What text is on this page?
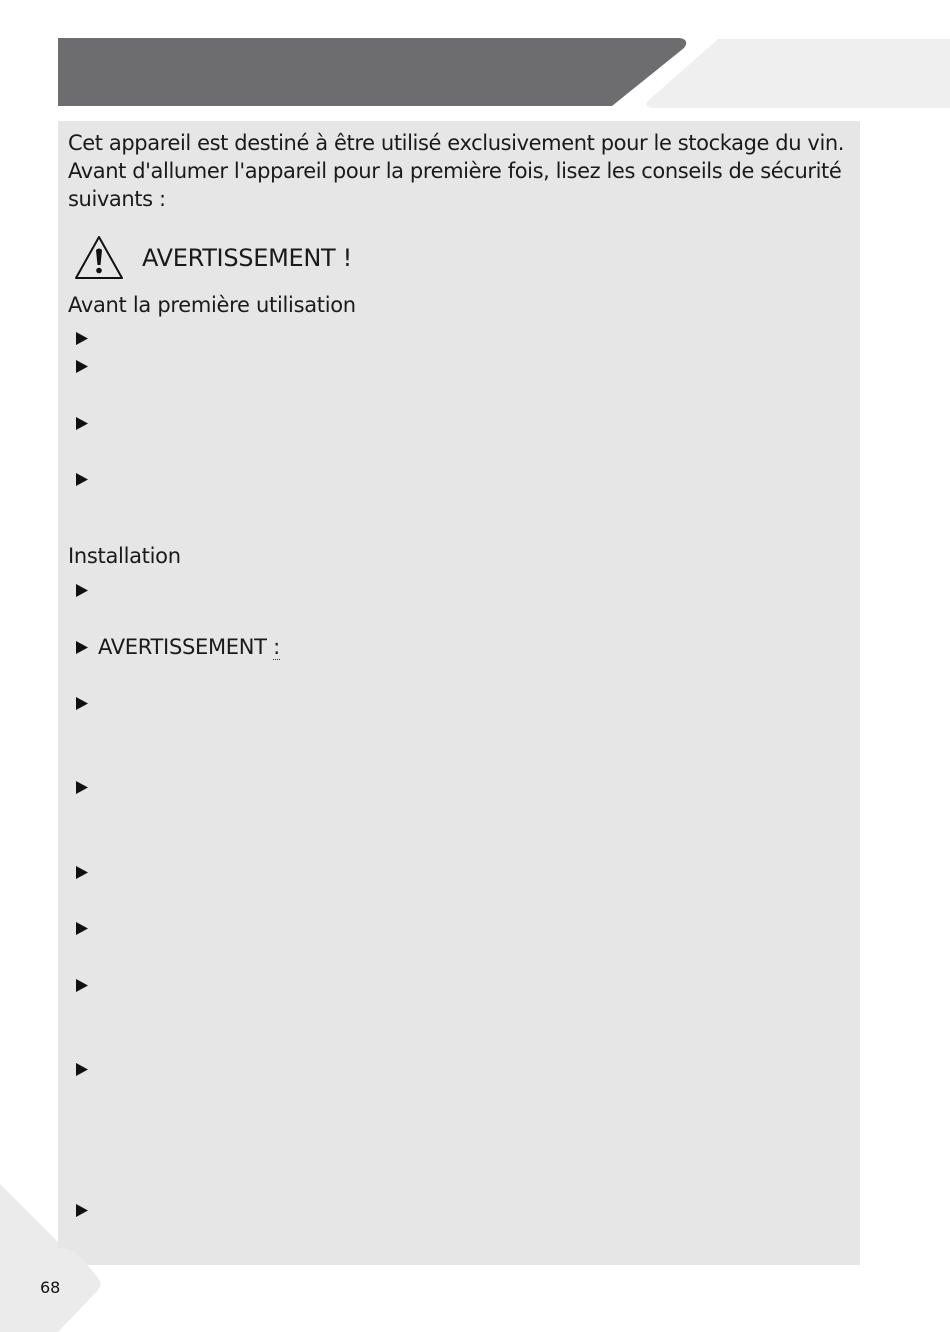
Cet appareil est destiné à être utilisé exclusivement pour le stockage du vin. Avant d'allumer l'appareil pour la première fois, lisez les conseils de sécurité suivants :

AVERTISSEMENT !
Avant la première utilisation
Installation
AVERTISSEMENT :
68
